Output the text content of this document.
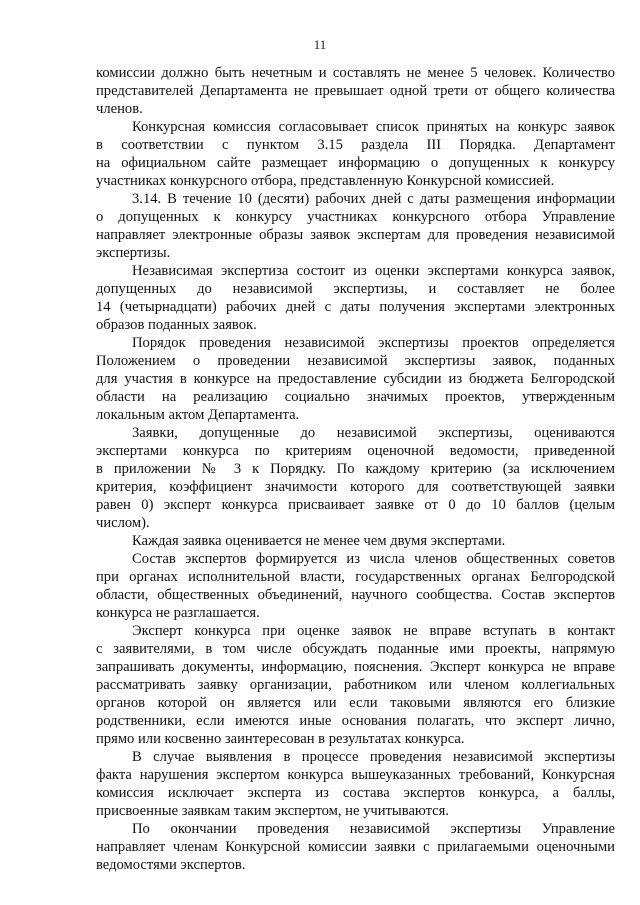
11
комиссии должно быть нечетным и составлять не менее 5 человек. Количество
представителей Департамента не превышает одной трети от общего количества
членов.
Конкурсная комиссия согласовывает список принятых на конкурс заявок
в соответствии с пунктом 3.15 раздела III Порядка. Департамент
на официальном сайте размещает информацию о допущенных к конкурсу
участниках конкурсного отбора, представленную Конкурсной комиссией.
3.14. В течение 10 (десяти) рабочих дней с даты размещения информации
о допущенных к конкурсу участниках конкурсного отбора Управление
направляет электронные образы заявок экспертам для проведения независимой
экспертизы.
Независимая экспертиза состоит из оценки экспертами конкурса заявок,
допущенных до независимой экспертизы, и составляет не более
14 (четырнадцати) рабочих дней с даты получения экспертами электронных
образов поданных заявок.
Порядок проведения независимой экспертизы проектов определяется
Положением о проведении независимой экспертизы заявок, поданных
для участия в конкурсе на предоставление субсидии из бюджета Белгородской
области на реализацию социально значимых проектов, утвержденным
локальным актом Департамента.
Заявки, допущенные до независимой экспертизы, оцениваются
экспертами конкурса по критериям оценочной ведомости, приведенной
в приложении № 3 к Порядку. По каждому критерию (за исключением
критерия, коэффициент значимости которого для соответствующей заявки
равен 0) эксперт конкурса присваивает заявке от 0 до 10 баллов (целым
числом).
Каждая заявка оценивается не менее чем двумя экспертами.
Состав экспертов формируется из числа членов общественных советов
при органах исполнительной власти, государственных органах Белгородской
области, общественных объединений, научного сообщества. Состав экспертов
конкурса не разглашается.
Эксперт конкурса при оценке заявок не вправе вступать в контакт
с заявителями, в том числе обсуждать поданные ими проекты, напрямую
запрашивать документы, информацию, пояснения. Эксперт конкурса не вправе
рассматривать заявку организации, работником или членом коллегиальных
органов которой он является или если таковыми являются его близкие
родственники, если имеются иные основания полагать, что эксперт лично,
прямо или косвенно заинтересован в результатах конкурса.
В случае выявления в процессе проведения независимой экспертизы
факта нарушения экспертом конкурса вышеуказанных требований, Конкурсная
комиссия исключает эксперта из состава экспертов конкурса, а баллы,
присвоенные заявкам таким экспертом, не учитываются.
По окончании проведения независимой экспертизы Управление
направляет членам Конкурсной комиссии заявки с прилагаемыми оценочными
ведомостями экспертов.
